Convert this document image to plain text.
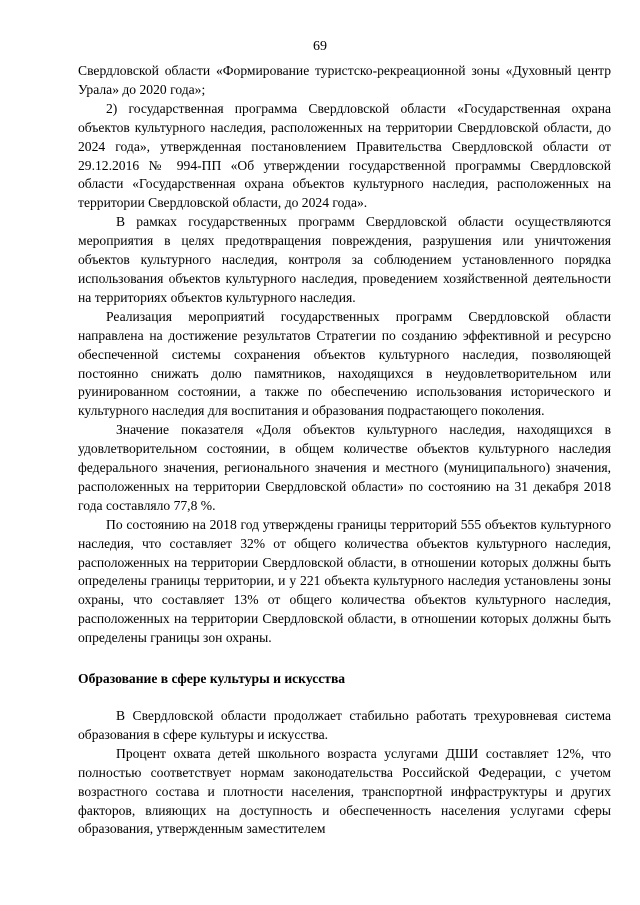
69

Свердловской области «Формирование туристско-рекреационной зоны «Духовный центр Урала» до 2020 года»;

2) государственная программа Свердловской области «Государственная охрана объектов культурного наследия, расположенных на территории Свердловской области, до 2024 года», утвержденная постановлением Правительства Свердловской области от 29.12.2016 № 994-ПП «Об утверждении государственной программы Свердловской области «Государственная охрана объектов культурного наследия, расположенных на территории Свердловской области, до 2024 года».

В рамках государственных программ Свердловской области осуществляются мероприятия в целях предотвращения повреждения, разрушения или уничтожения объектов культурного наследия, контроля за соблюдением установленного порядка использования объектов культурного наследия, проведением хозяйственной деятельности на территориях объектов культурного наследия.

Реализация мероприятий государственных программ Свердловской области направлена на достижение результатов Стратегии по созданию эффективной и ресурсно обеспеченной системы сохранения объектов культурного наследия, позволяющей постоянно снижать долю памятников, находящихся в неудовлетворительном или руинированном состоянии, а также по обеспечению использования исторического и культурного наследия для воспитания и образования подрастающего поколения.

Значение показателя «Доля объектов культурного наследия, находящихся в удовлетворительном состоянии, в общем количестве объектов культурного наследия федерального значения, регионального значения и местного (муниципального) значения, расположенных на территории Свердловской области» по состоянию на 31 декабря 2018 года составляло 77,8 %.

По состоянию на 2018 год утверждены границы территорий 555 объектов культурного наследия, что составляет 32% от общего количества объектов культурного наследия, расположенных на территории Свердловской области, в отношении которых должны быть определены границы территории, и у 221 объекта культурного наследия установлены зоны охраны, что составляет 13% от общего количества объектов культурного наследия, расположенных на территории Свердловской области, в отношении которых должны быть определены границы зон охраны.

Образование в сфере культуры и искусства

В Свердловской области продолжает стабильно работать трехуровневая система образования в сфере культуры и искусства.

Процент охвата детей школьного возраста услугами ДШИ составляет 12%, что полностью соответствует нормам законодательства Российской Федерации, с учетом возрастного состава и плотности населения, транспортной инфраструктуры и других факторов, влияющих на доступность и обеспеченность населения услугами сферы образования, утвержденным заместителем
